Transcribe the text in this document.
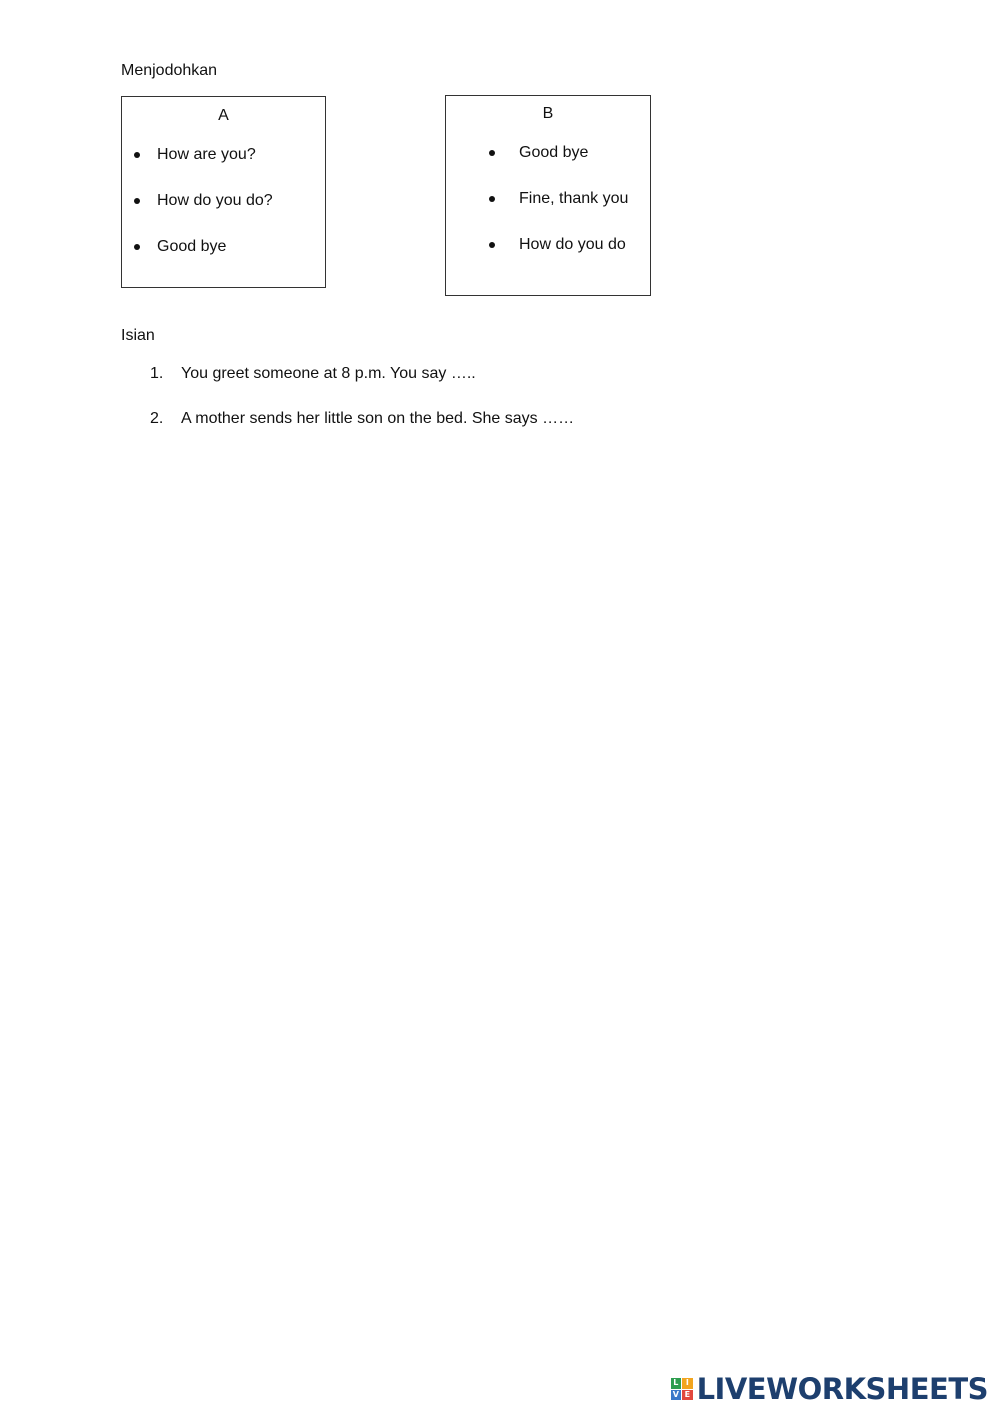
Menjodohkan
A
How are you?
How do you do?
Good bye
B
Good bye
Fine, thank you
How do you do
Isian
1. You greet someone at 8 p.m. You say …..
2. A mother sends her little son on the bed. She says ……
L I
V E LIVEWORKSHEETS
